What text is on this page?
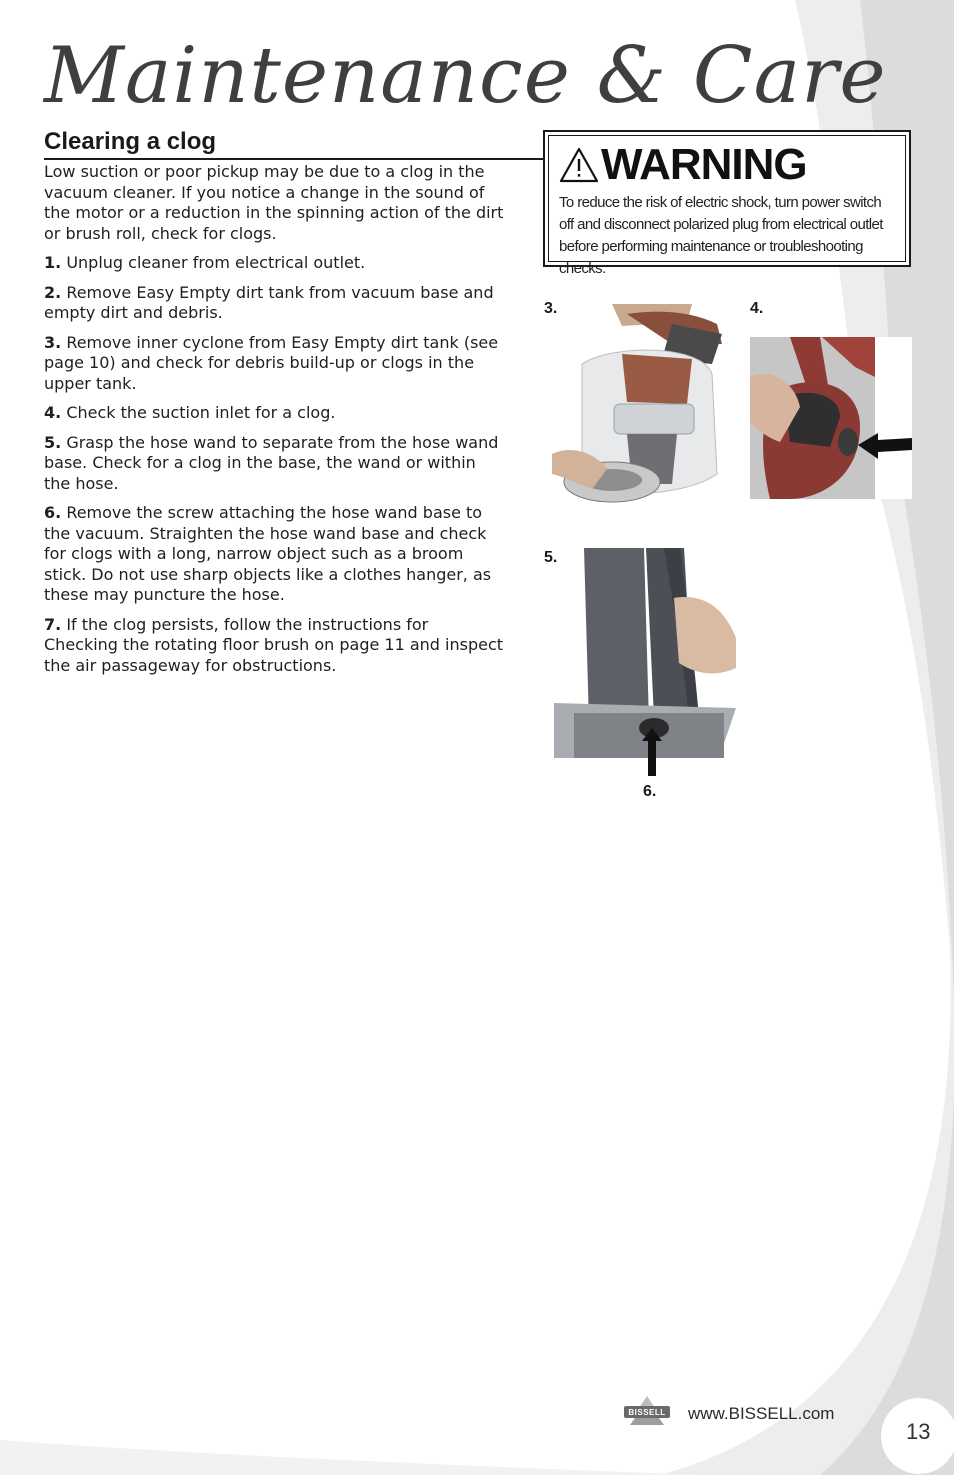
Maintenance & Care
Clearing a clog

Low suction or poor pickup may be due to a clog in the vacuum cleaner. If you notice a change in the sound of the motor or a reduction in the spinning action of the dirt or brush roll, check for clogs.

1. Unplug cleaner from electrical outlet.

2. Remove Easy Empty dirt tank from vacuum base and empty dirt and debris.

3. Remove inner cyclone from Easy Empty dirt tank (see page 10) and check for debris build-up or clogs in the upper tank.

4. Check the suction inlet for a clog.

5. Grasp the hose wand to separate from the hose wand base. Check for a clog in the base, the wand or within the hose.

6. Remove the screw attaching the hose wand base to the vacuum. Straighten the hose wand base and check for clogs with a long, narrow object such as a broom stick. Do not use sharp objects like a clothes hanger, as these may puncture the hose.

7. If the clog persists, follow the instructions for Checking the rotating floor brush on page 11 and inspect the air passageway for obstructions.

WARNING
To reduce the risk of electric shock, turn power switch off and disconnect polarized plug from electrical outlet before performing maintenance or troubleshooting checks.
3.	4.
5.
6.
BISSELL www.BISSELL.com
13
